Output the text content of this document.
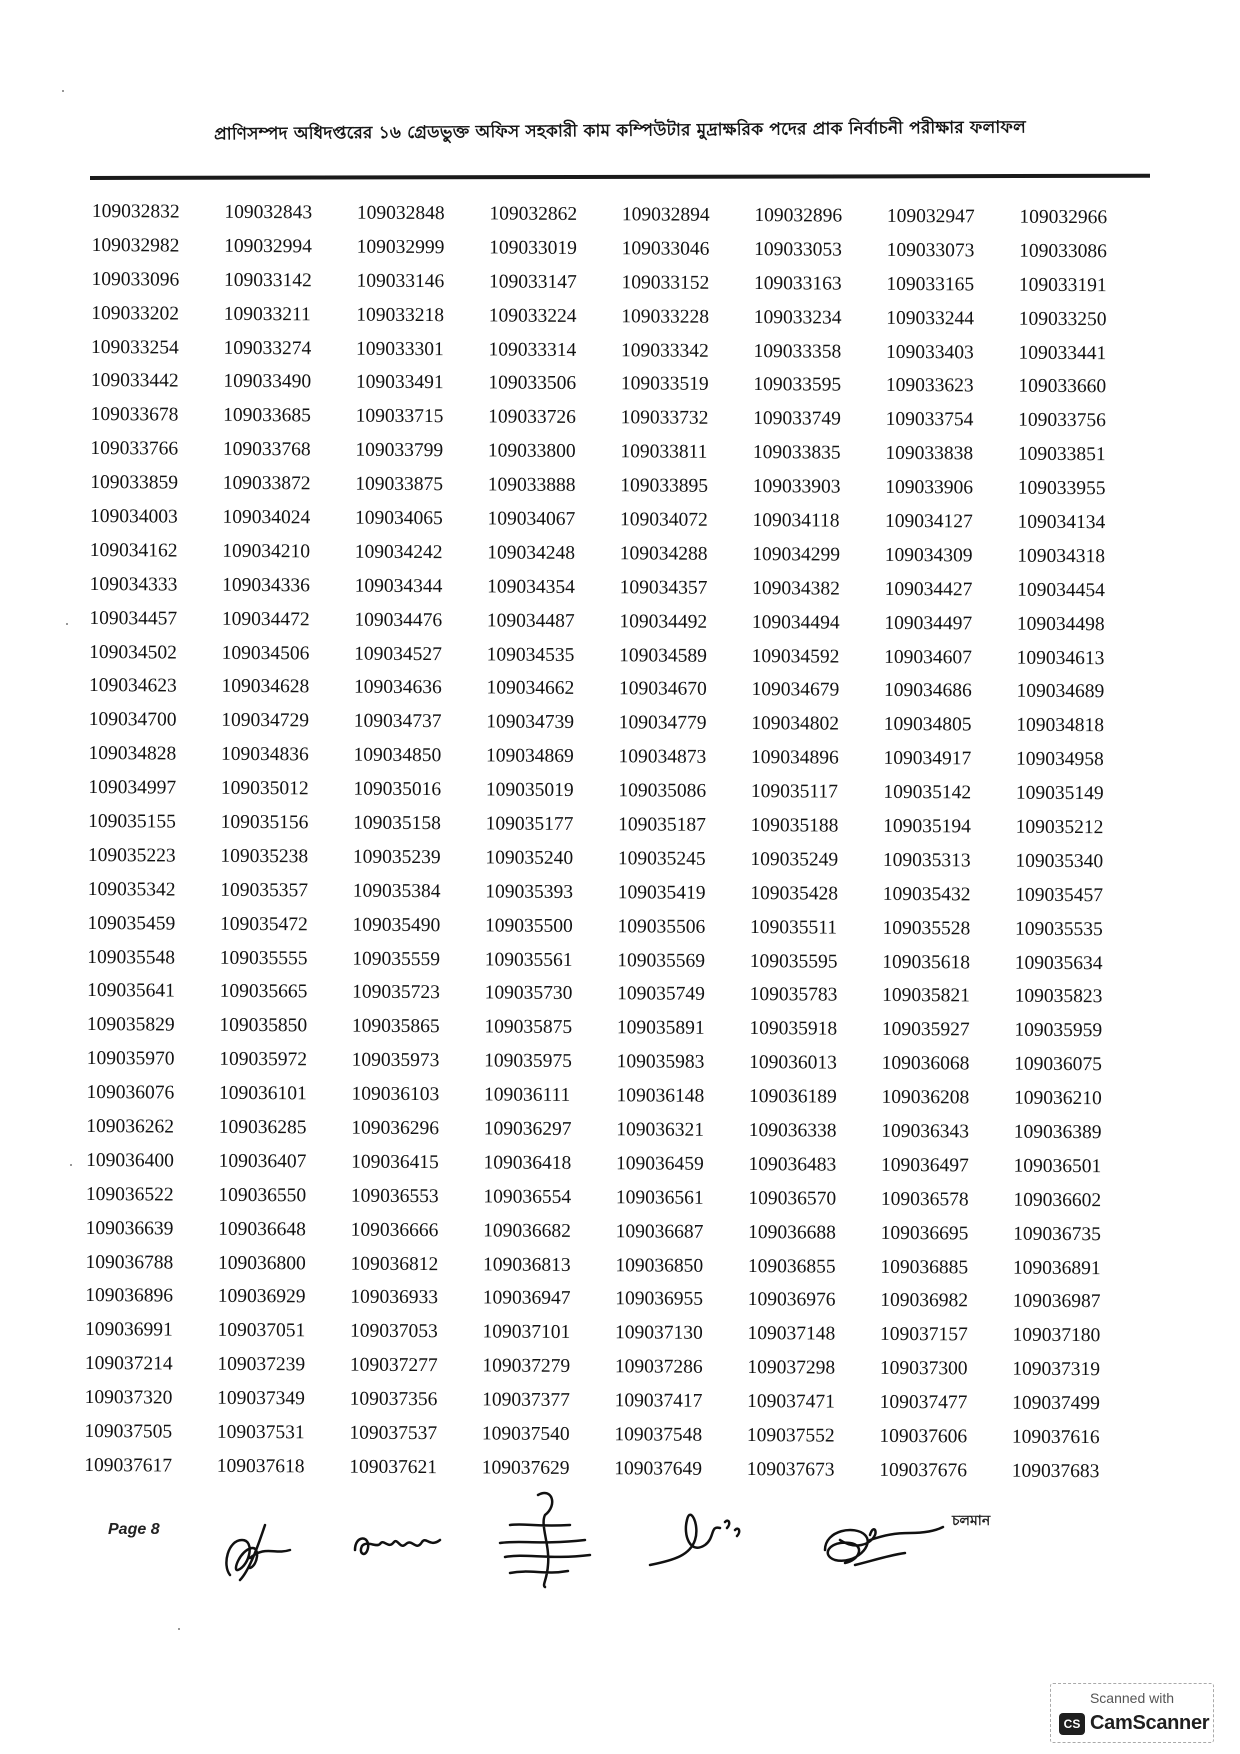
প্রাণিসম্পদ অধিদপ্তরের ১৬ গ্রেডভুক্ত অফিস সহকারী কাম কম্পিউটার মুদ্রাক্ষরিক পদের প্রাক নির্বাচনী পরীক্ষার ফলাফল
109032832	109032843	109032848	109032862	109032894	109032896	109032947	109032966
109032982	109032994	109032999	109033019	109033046	109033053	109033073	109033086
109033096	109033142	109033146	109033147	109033152	109033163	109033165	109033191
109033202	109033211	109033218	109033224	109033228	109033234	109033244	109033250
109033254	109033274	109033301	109033314	109033342	109033358	109033403	109033441
109033442	109033490	109033491	109033506	109033519	109033595	109033623	109033660
109033678	109033685	109033715	109033726	109033732	109033749	109033754	109033756
109033766	109033768	109033799	109033800	109033811	109033835	109033838	109033851
109033859	109033872	109033875	109033888	109033895	109033903	109033906	109033955
109034003	109034024	109034065	109034067	109034072	109034118	109034127	109034134
109034162	109034210	109034242	109034248	109034288	109034299	109034309	109034318
109034333	109034336	109034344	109034354	109034357	109034382	109034427	109034454
109034457	109034472	109034476	109034487	109034492	109034494	109034497	109034498
109034502	109034506	109034527	109034535	109034589	109034592	109034607	109034613
109034623	109034628	109034636	109034662	109034670	109034679	109034686	109034689
109034700	109034729	109034737	109034739	109034779	109034802	109034805	109034818
109034828	109034836	109034850	109034869	109034873	109034896	109034917	109034958
109034997	109035012	109035016	109035019	109035086	109035117	109035142	109035149
109035155	109035156	109035158	109035177	109035187	109035188	109035194	109035212
109035223	109035238	109035239	109035240	109035245	109035249	109035313	109035340
109035342	109035357	109035384	109035393	109035419	109035428	109035432	109035457
109035459	109035472	109035490	109035500	109035506	109035511	109035528	109035535
109035548	109035555	109035559	109035561	109035569	109035595	109035618	109035634
109035641	109035665	109035723	109035730	109035749	109035783	109035821	109035823
109035829	109035850	109035865	109035875	109035891	109035918	109035927	109035959
109035970	109035972	109035973	109035975	109035983	109036013	109036068	109036075
109036076	109036101	109036103	109036111	109036148	109036189	109036208	109036210
109036262	109036285	109036296	109036297	109036321	109036338	109036343	109036389
109036400	109036407	109036415	109036418	109036459	109036483	109036497	109036501
109036522	109036550	109036553	109036554	109036561	109036570	109036578	109036602
109036639	109036648	109036666	109036682	109036687	109036688	109036695	109036735
109036788	109036800	109036812	109036813	109036850	109036855	109036885	109036891
109036896	109036929	109036933	109036947	109036955	109036976	109036982	109036987
109036991	109037051	109037053	109037101	109037130	109037148	109037157	109037180
109037214	109037239	109037277	109037279	109037286	109037298	109037300	109037319
109037320	109037349	109037356	109037377	109037417	109037471	109037477	109037499
109037505	109037531	109037537	109037540	109037548	109037552	109037606	109037616
109037617	109037618	109037621	109037629	109037649	109037673	109037676	109037683
Page 8	চলমান
Scanned with
CS CamScanner
